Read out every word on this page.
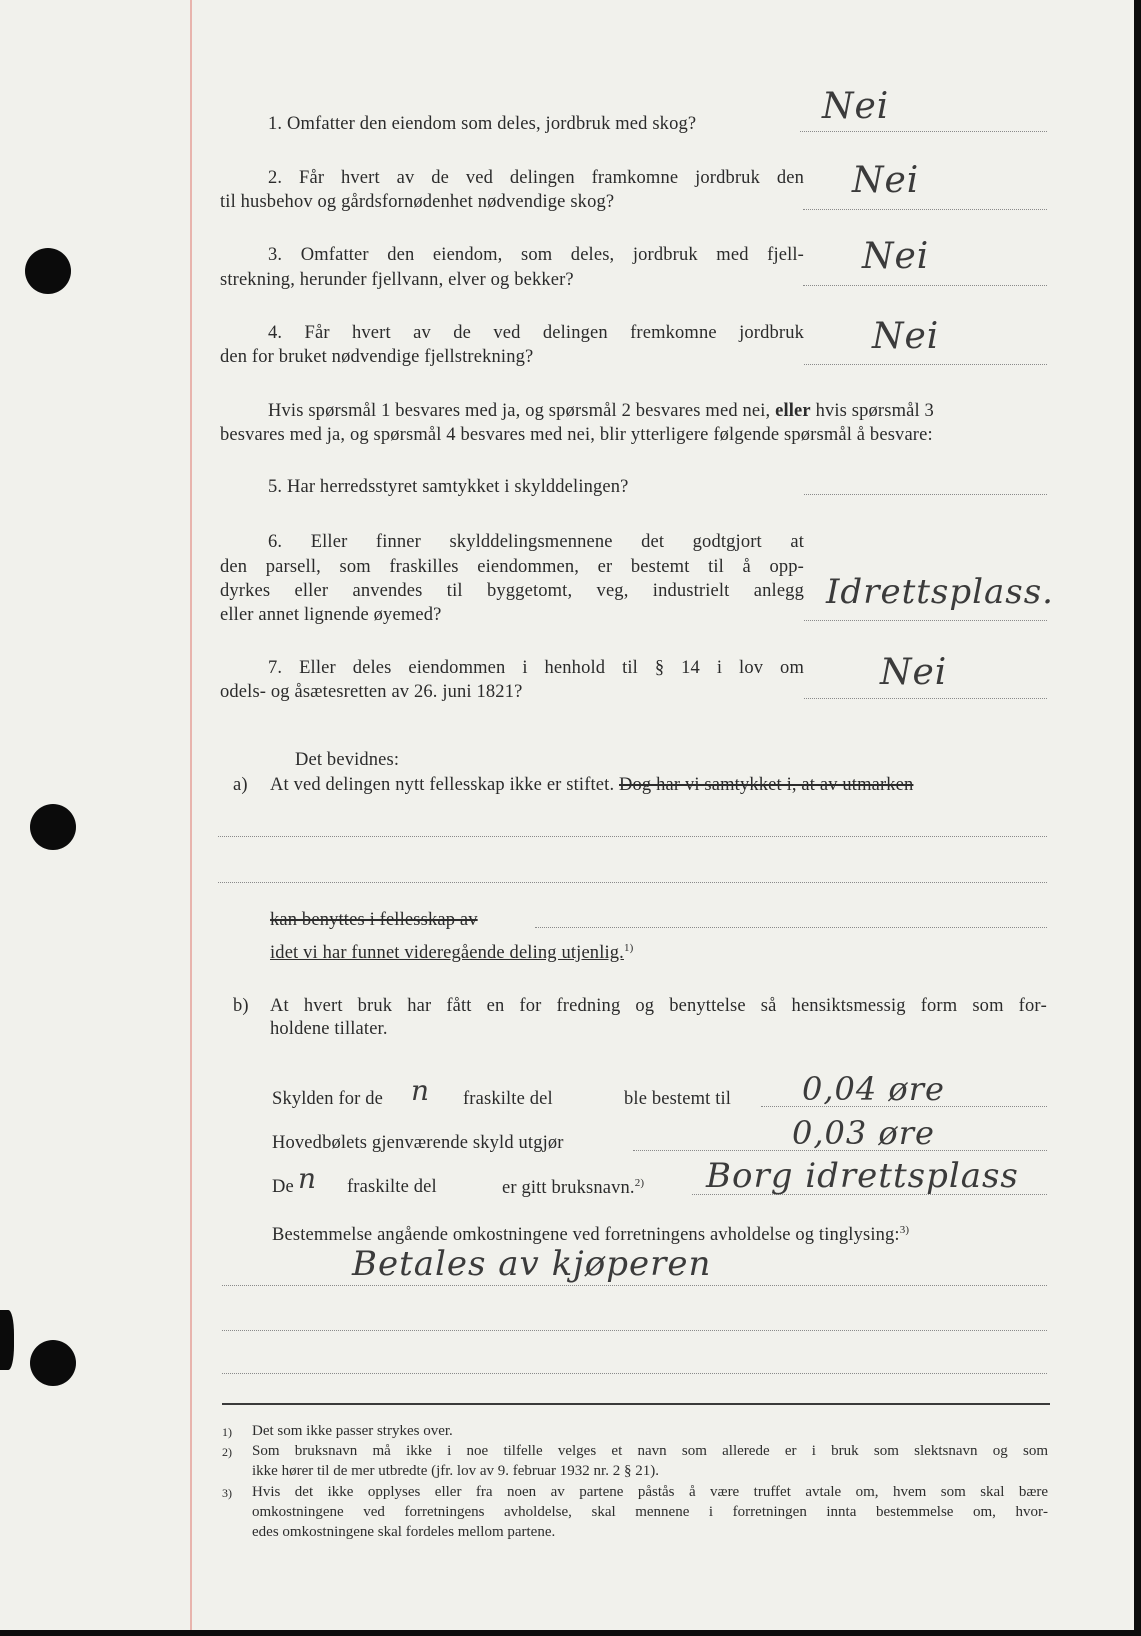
1. Omfatter den eiendom som deles, jordbruk med skog?	Nei
2. Får hvert av de ved delingen framkomne jordbruk den
til husbehov og gårdsfornødenhet nødvendige skog?
Nei
3. Omfatter den eiendom, som deles, jordbruk med fjell‑
strekning, herunder fjellvann, elver og bekker?
Nei
4. Får hvert av de ved delingen fremkomne jordbruk
den for bruket nødvendige fjellstrekning?	Nei
Hvis spørsmål 1 besvares med ja, og spørsmål 2 besvares med nei, eller hvis spørsmål 3
besvares med ja, og spørsmål 4 besvares med nei, blir ytterligere følgende spørsmål å besvare:
5. Har herredsstyret samtykket i skylddelingen?
6. Eller finner skylddelingsmennene det godtgjort at
den parsell, som fraskilles eiendommen, er bestemt til å opp‑
dyrkes eller anvendes til byggetomt, veg, industrielt anlegg
eller annet lignende øyemed?
Idrettsplass.
7. Eller deles eiendommen i henhold til § 14 i lov om
odels‑ og åsætesretten av 26. juni 1821?	Nei
Det bevidnes:
a) At ved delingen nytt fellesskap ikke er stiftet. Dog har vi samtykket i, at av utmarken
kan benyttes i fellesskap av
idet vi har funnet videregående deling utjenlig.$^{1)}$
b) At hvert bruk har fått en for fredning og benyttelse så hensiktsmessig form som for‑
holdene tillater.
Skylden for de n fraskilte del	ble bestemt til 0,04 øre
Hovedbølets gjenværende skyld utgjør	0,03 øre
De n fraskilte del	er gitt bruksnavn.$^{2)}$ Borg idrettsplass
Bestemmelse angående omkostningene ved forretningens avholdelse og tinglysing:$^{3)}$
Betales av kjøperen
1) Det som ikke passer strykes over.
2) Som bruksnavn må ikke i noe tilfelle velges et navn som allerede er i bruk som slektsnavn og som
ikke hører til de mer utbredte (jfr. lov av 9. februar 1932 nr. 2 § 21).
3) Hvis det ikke opplyses eller fra noen av partene påstås å være truffet avtale om, hvem som skal bære
omkostningene ved forretningens avholdelse, skal mennene i forretningen innta bestemmelse om, hvor‑
edes omkostningene skal fordeles mellom partene.
